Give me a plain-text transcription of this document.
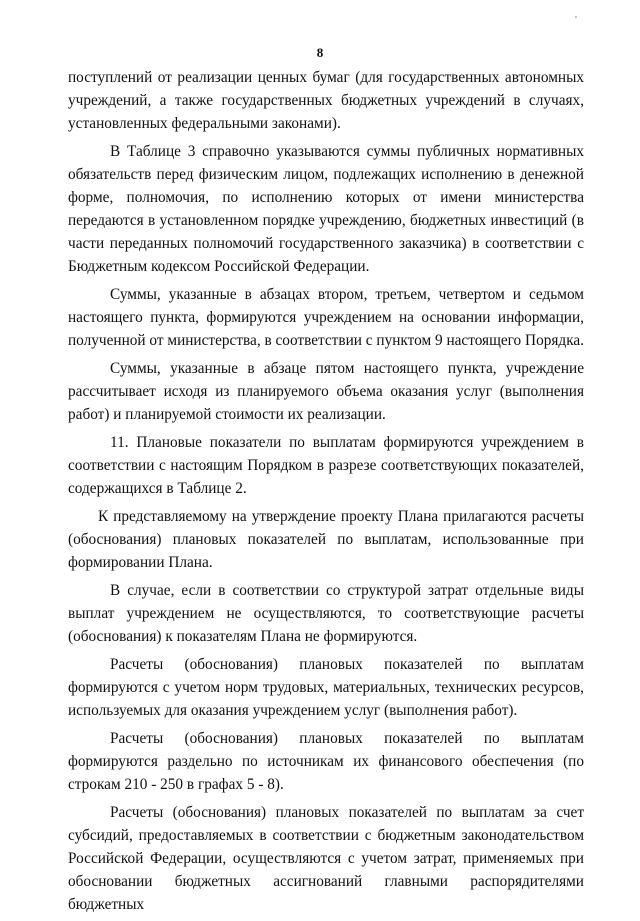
'
8

поступлений от реализации ценных бумаг (для государственных автономных учреждений, а также государственных бюджетных учреждений в случаях, установленных федеральными законами).

В Таблице 3 справочно указываются суммы публичных нормативных обязательств перед физическим лицом, подлежащих исполнению в денежной форме, полномочия, по исполнению которых от имени министерства передаются в установленном порядке учреждению, бюджетных инвестиций (в части переданных полномочий государственного заказчика) в соответствии с Бюджетным кодексом Российской Федерации.

Суммы, указанные в абзацах втором, третьем, четвертом и седьмом настоящего пункта, формируются учреждением на основании информации, полученной от министерства, в соответствии с пунктом 9 настоящего Порядка.

Суммы, указанные в абзаце пятом настоящего пункта, учреждение рассчитывает исходя из планируемого объема оказания услуг (выполнения работ) и планируемой стоимости их реализации.

11. Плановые показатели по выплатам формируются учреждением в соответствии с настоящим Порядком в разрезе соответствующих показателей, содержащихся в Таблице 2.

К представляемому на утверждение проекту Плана прилагаются расчеты (обоснования) плановых показателей по выплатам, использованные при формировании Плана.

В случае, если в соответствии со структурой затрат отдельные виды выплат учреждением не осуществляются, то соответствующие расчеты (обоснования) к показателям Плана не формируются.

Расчеты (обоснования) плановых показателей по выплатам формируются с учетом норм трудовых, материальных, технических ресурсов, используемых для оказания учреждением услуг (выполнения работ).

Расчеты (обоснования) плановых показателей по выплатам формируются раздельно по источникам их финансового обеспечения (по строкам 210 - 250 в графах 5 - 8).

Расчеты (обоснования) плановых показателей по выплатам за счет субсидий, предоставляемых в соответствии с бюджетным законодательством Российской Федерации, осуществляются с учетом затрат, применяемых при обосновании бюджетных ассигнований главными распорядителями бюджетных
